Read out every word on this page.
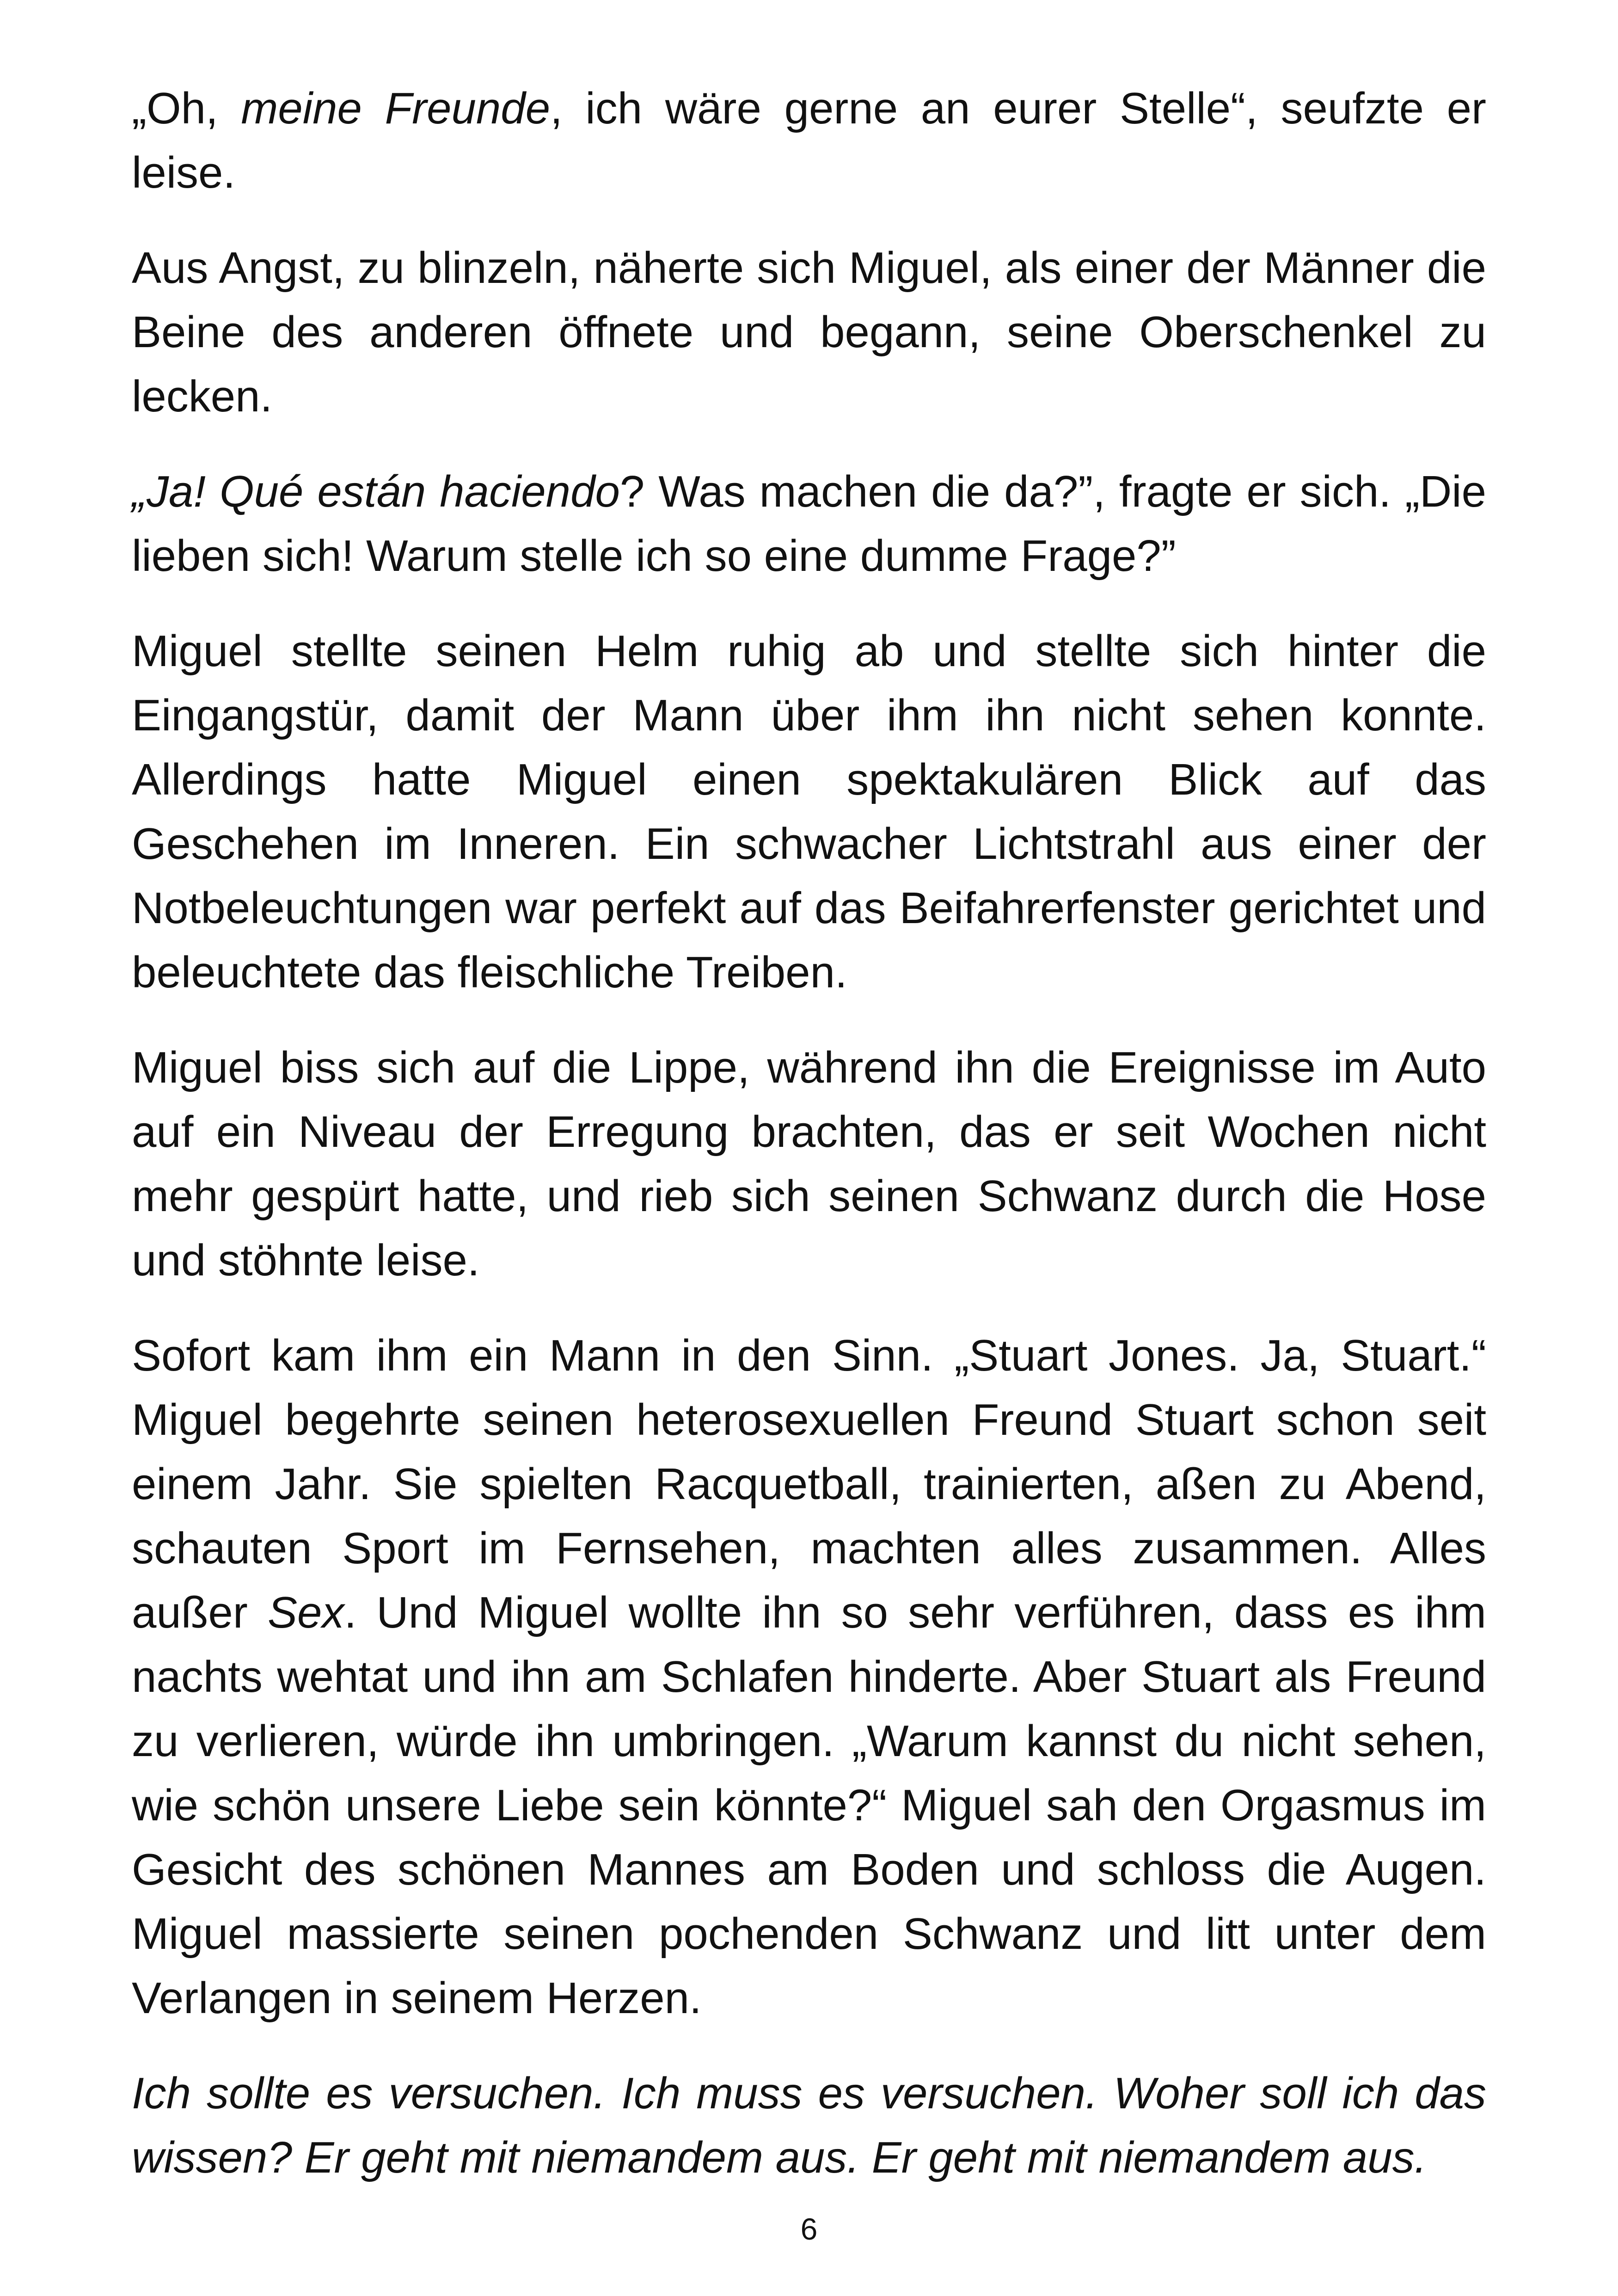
„Oh, meine Freunde, ich wäre gerne an eurer Stelle“, seufzte er leise.

Aus Angst, zu blinzeln, näherte sich Miguel, als einer der Männer die Beine des anderen öffnete und begann, seine Oberschenkel zu lecken.

„Ja! Qué están haciendo? Was machen die da?”, fragte er sich. „Die lieben sich! Warum stelle ich so eine dumme Frage?”

Miguel stellte seinen Helm ruhig ab und stellte sich hinter die Eingangstür, damit der Mann über ihm ihn nicht sehen konnte. Allerdings hatte Miguel einen spektakulären Blick auf das Geschehen im Inneren. Ein schwacher Lichtstrahl aus einer der Notbeleuchtungen war perfekt auf das Beifahrerfenster gerichtet und beleuchtete das fleischliche Treiben.

Miguel biss sich auf die Lippe, während ihn die Ereignisse im Auto auf ein Niveau der Erregung brachten, das er seit Wochen nicht mehr gespürt hatte, und rieb sich seinen Schwanz durch die Hose und stöhnte leise.

Sofort kam ihm ein Mann in den Sinn. „Stuart Jones. Ja, Stuart.“ Miguel begehrte seinen heterosexuellen Freund Stuart schon seit einem Jahr. Sie spielten Racquetball, trainierten, aßen zu Abend, schauten Sport im Fernsehen, machten alles zusammen. Alles außer Sex. Und Miguel wollte ihn so sehr verführen, dass es ihm nachts wehtat und ihn am Schlafen hinderte. Aber Stuart als Freund zu verlieren, würde ihn umbringen. „Warum kannst du nicht sehen, wie schön unsere Liebe sein könnte?“ Miguel sah den Orgasmus im Gesicht des schönen Mannes am Boden und schloss die Augen. Miguel massierte seinen pochenden Schwanz und litt unter dem Verlangen in seinem Herzen.

Ich sollte es versuchen. Ich muss es versuchen. Woher soll ich das wissen? Er geht mit niemandem aus. Er geht mit niemandem aus.

6
